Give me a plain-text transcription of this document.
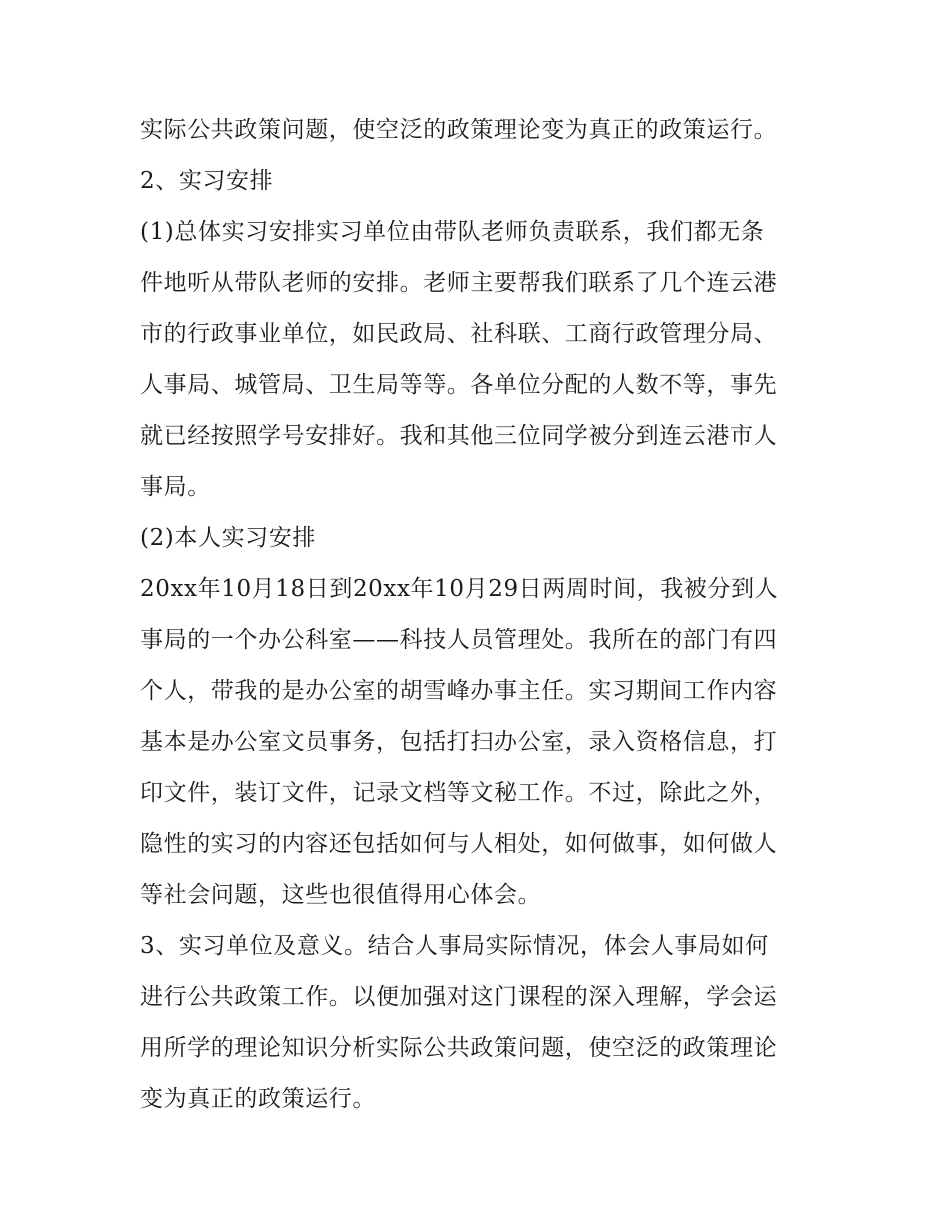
实际公共政策问题，使空泛的政策理论变为真正的政策运行。
2、实习安排
(1)总体实习安排实习单位由带队老师负责联系，我们都无条
件地听从带队老师的安排。老师主要帮我们联系了几个连云港
市的行政事业单位，如民政局、社科联、工商行政管理分局、
人事局、城管局、卫生局等等。各单位分配的人数不等，事先
就已经按照学号安排好。我和其他三位同学被分到连云港市人
事局。
(2)本人实习安排
20xx年10月18日到20xx年10月29日两周时间，我被分到人
事局的一个办公科室——科技人员管理处。我所在的部门有四
个人，带我的是办公室的胡雪峰办事主任。实习期间工作内容
基本是办公室文员事务，包括打扫办公室，录入资格信息，打
印文件，装订文件，记录文档等文秘工作。不过，除此之外，
隐性的实习的内容还包括如何与人相处，如何做事，如何做人
等社会问题，这些也很值得用心体会。
3、实习单位及意义。结合人事局实际情况，体会人事局如何
进行公共政策工作。以便加强对这门课程的深入理解，学会运
用所学的理论知识分析实际公共政策问题，使空泛的政策理论
变为真正的政策运行。
